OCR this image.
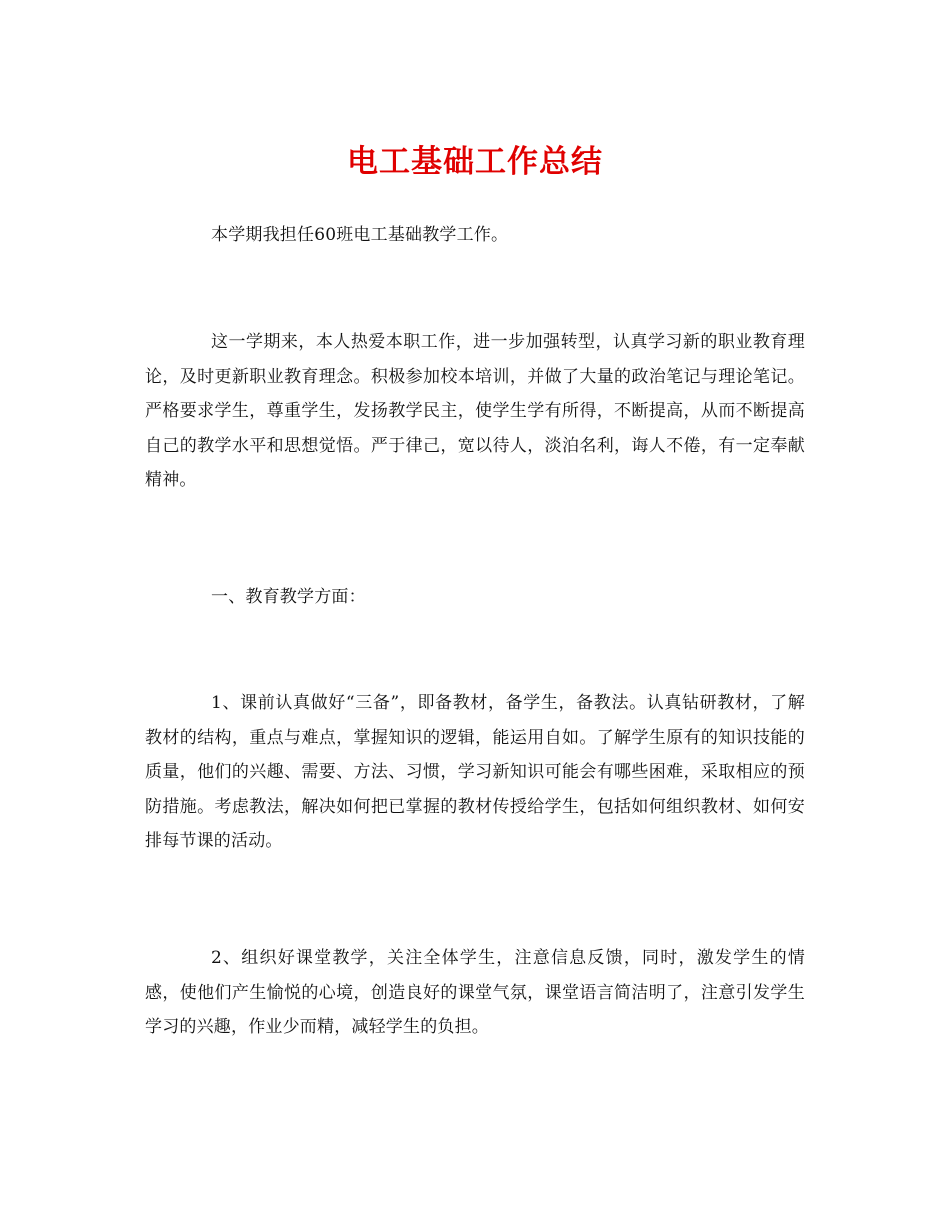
电工基础工作总结

本学期我担任60班电工基础教学工作。

这一学期来，本人热爱本职工作，进一步加强转型，认真学习新的职业教育理论，及时更新职业教育理念。积极参加校本培训，并做了大量的政治笔记与理论笔记。严格要求学生，尊重学生，发扬教学民主，使学生学有所得，不断提高，从而不断提高自己的教学水平和思想觉悟。严于律己，宽以待人，淡泊名利，诲人不倦，有一定奉献精神。

一、教育教学方面：

1、课前认真做好“三备”，即备教材，备学生，备教法。认真钻研教材，了解教材的结构，重点与难点，掌握知识的逻辑，能运用自如。了解学生原有的知识技能的质量，他们的兴趣、需要、方法、习惯，学习新知识可能会有哪些困难，采取相应的预防措施。考虑教法，解决如何把已掌握的教材传授给学生，包括如何组织教材、如何安排每节课的活动。

2、组织好课堂教学，关注全体学生，注意信息反馈，同时，激发学生的情感，使他们产生愉悦的心境，创造良好的课堂气氛，课堂语言简洁明了，注意引发学生学习的兴趣，作业少而精，减轻学生的负担。
